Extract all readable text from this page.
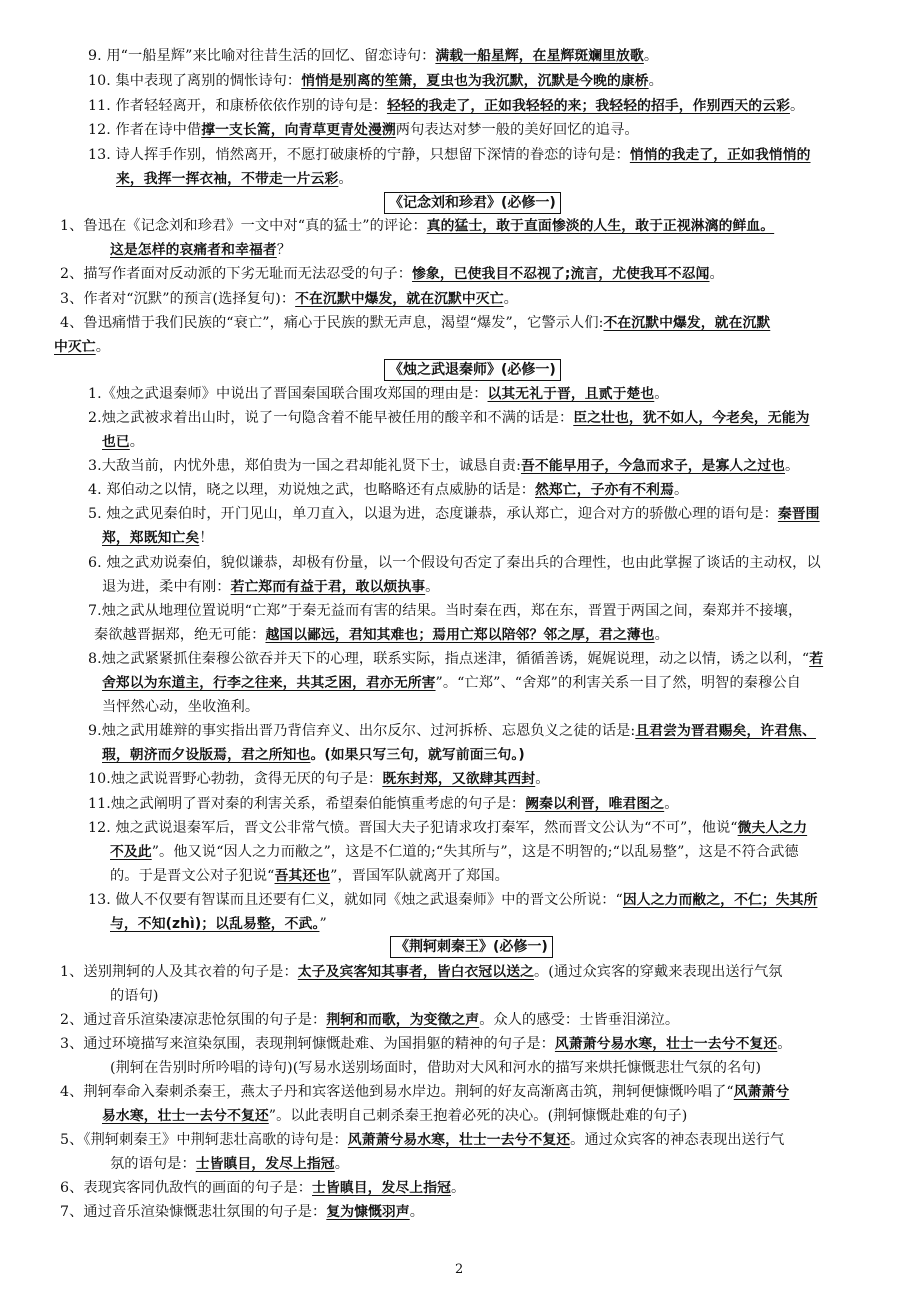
9. 用“一船星辉”来比喻对往昔生活的回忆、留恋诗句：满载一船星辉，在星辉斑斓里放歌。
10. 集中表现了离别的惆怅诗句：悄悄是别离的笙箫，夏虫也为我沉默，沉默是今晚的康桥。
11. 作者轻轻离开，和康桥依依作别的诗句是：轻轻的我走了，正如我轻轻的来；我轻轻的招手，作别西天的云彩。
12. 作者在诗中借撑一支长篙，向青草更青处漫溯两句表达对梦一般的美好回忆的追寻。
13. 诗人挥手作别，悄然离开，不愿打破康桥的宁静，只想留下深情的眷恋的诗句是：悄悄的我走了，正如我悄悄的
来，我挥一挥衣袖，不带走一片云彩。
《记念刘和珍君》(必修一)
1、鲁迅在《记念刘和珍君》一文中对“真的猛士”的评论：真的猛士，敢于直面惨淡的人生，敢于正视淋漓的鲜血。
这是怎样的哀痛者和幸福者？
2、描写作者面对反动派的下劣无耻而无法忍受的句子：惨象，已使我目不忍视了;流言，尤使我耳不忍闻。
3、作者对“沉默”的预言(选择复句)：不在沉默中爆发，就在沉默中灭亡。
4、鲁迅痛惜于我们民族的“衰亡”，痛心于民族的默无声息，渴望“爆发”，它警示人们:不在沉默中爆发，就在沉默
中灭亡。
《烛之武退秦师》(必修一)
1.《烛之武退秦师》中说出了晋国秦国联合围攻郑国的理由是：以其无礼于晋，且贰于楚也。
2.烛之武被求着出山时，说了一句隐含着不能早被任用的酸辛和不满的话是：臣之壮也，犹不如人，今老矣，无能为
也已。
3.大敌当前，内忧外患，郑伯贵为一国之君却能礼贤下士，诚恳自责:吾不能早用子，今急而求子，是寡人之过也。
4. 郑伯动之以情，晓之以理，劝说烛之武，也略略还有点威胁的话是：然郑亡，子亦有不利焉。
5. 烛之武见秦伯时，开门见山，单刀直入，以退为进，态度谦恭，承认郑亡，迎合对方的骄傲心理的语句是：秦晋围
郑，郑既知亡矣！
6. 烛之武劝说秦伯，貌似谦恭，却极有份量，以一个假设句否定了秦出兵的合理性，也由此掌握了谈话的主动权，以
退为进，柔中有刚：若亡郑而有益于君，敢以烦执事。
7.烛之武从地理位置说明“亡郑”于秦无益而有害的结果。当时秦在西，郑在东，晋置于两国之间，秦郑并不接壤，
秦欲越晋据郑，绝无可能：越国以鄙远，君知其难也；焉用亡郑以陪邻？邻之厚，君之薄也。
8.烛之武紧紧抓住秦穆公欲吞并天下的心理，联系实际，指点迷津，循循善诱，娓娓说理，动之以情，诱之以利，“若
舍郑以为东道主，行李之往来，共其乏困，君亦无所害”。“亡郑”、“舍郑”的利害关系一目了然，明智的秦穆公自
当怦然心动，坐收渔利。
9.烛之武用雄辩的事实指出晋乃背信弃义、出尔反尔、过河拆桥、忘恩负义之徒的话是:且君尝为晋君赐矣，许君焦、
瑕，朝济而夕设版焉，君之所知也。(如果只写三句，就写前面三句。)
10.烛之武说晋野心勃勃，贪得无厌的句子是：既东封郑，又欲肆其西封。
11.烛之武阐明了晋对秦的利害关系，希望秦伯能慎重考虑的句子是：阙秦以利晋，唯君图之。
12. 烛之武说退秦军后，晋文公非常气愤。晋国大夫子犯请求攻打秦军，然而晋文公认为“不可”，他说“微夫人之力
不及此”。他又说“因人之力而敝之”，这是不仁道的;“失其所与”，这是不明智的;“以乱易整”，这是不符合武德
的。于是晋文公对子犯说“吾其还也”，晋国军队就离开了郑国。
13. 做人不仅要有智谋而且还要有仁义，就如同《烛之武退秦师》中的晋文公所说：“因人之力而敝之，不仁；失其所
与，不知(zhì)；以乱易整，不武。”
《荆轲刺秦王》(必修一)
1、送别荆轲的人及其衣着的句子是：太子及宾客知其事者，皆白衣冠以送之。(通过众宾客的穿戴来表现出送行气氛
的语句)
2、通过音乐渲染凄凉悲怆氛围的句子是：荆轲和而歌，为变徵之声。众人的感受：士皆垂泪涕泣。
3、通过环境描写来渲染氛围，表现荆轲慷慨赴难、为国捐躯的精神的句子是：风萧萧兮易水寒，壮士一去兮不复还。
(荆轲在告别时所吟唱的诗句)(写易水送别场面时，借助对大风和河水的描写来烘托慷慨悲壮气氛的名句)
4、荆轲奉命入秦刺杀秦王，燕太子丹和宾客送他到易水岸边。荆轲的好友高渐离击筑，荆轲便慷慨吟唱了“风萧萧兮
易水寒，壮士一去兮不复还”。以此表明自己刺杀秦王抱着必死的决心。(荆轲慷慨赴难的句子)
5、《荆轲刺秦王》中荆轲悲壮高歌的诗句是：风萧萧兮易水寒，壮士一去兮不复还。通过众宾客的神态表现出送行气
氛的语句是：士皆瞋目，发尽上指冠。
6、表现宾客同仇敌忾的画面的句子是：士皆瞋目，发尽上指冠。
7、通过音乐渲染慷慨悲壮氛围的句子是：复为慷慨羽声。
2
